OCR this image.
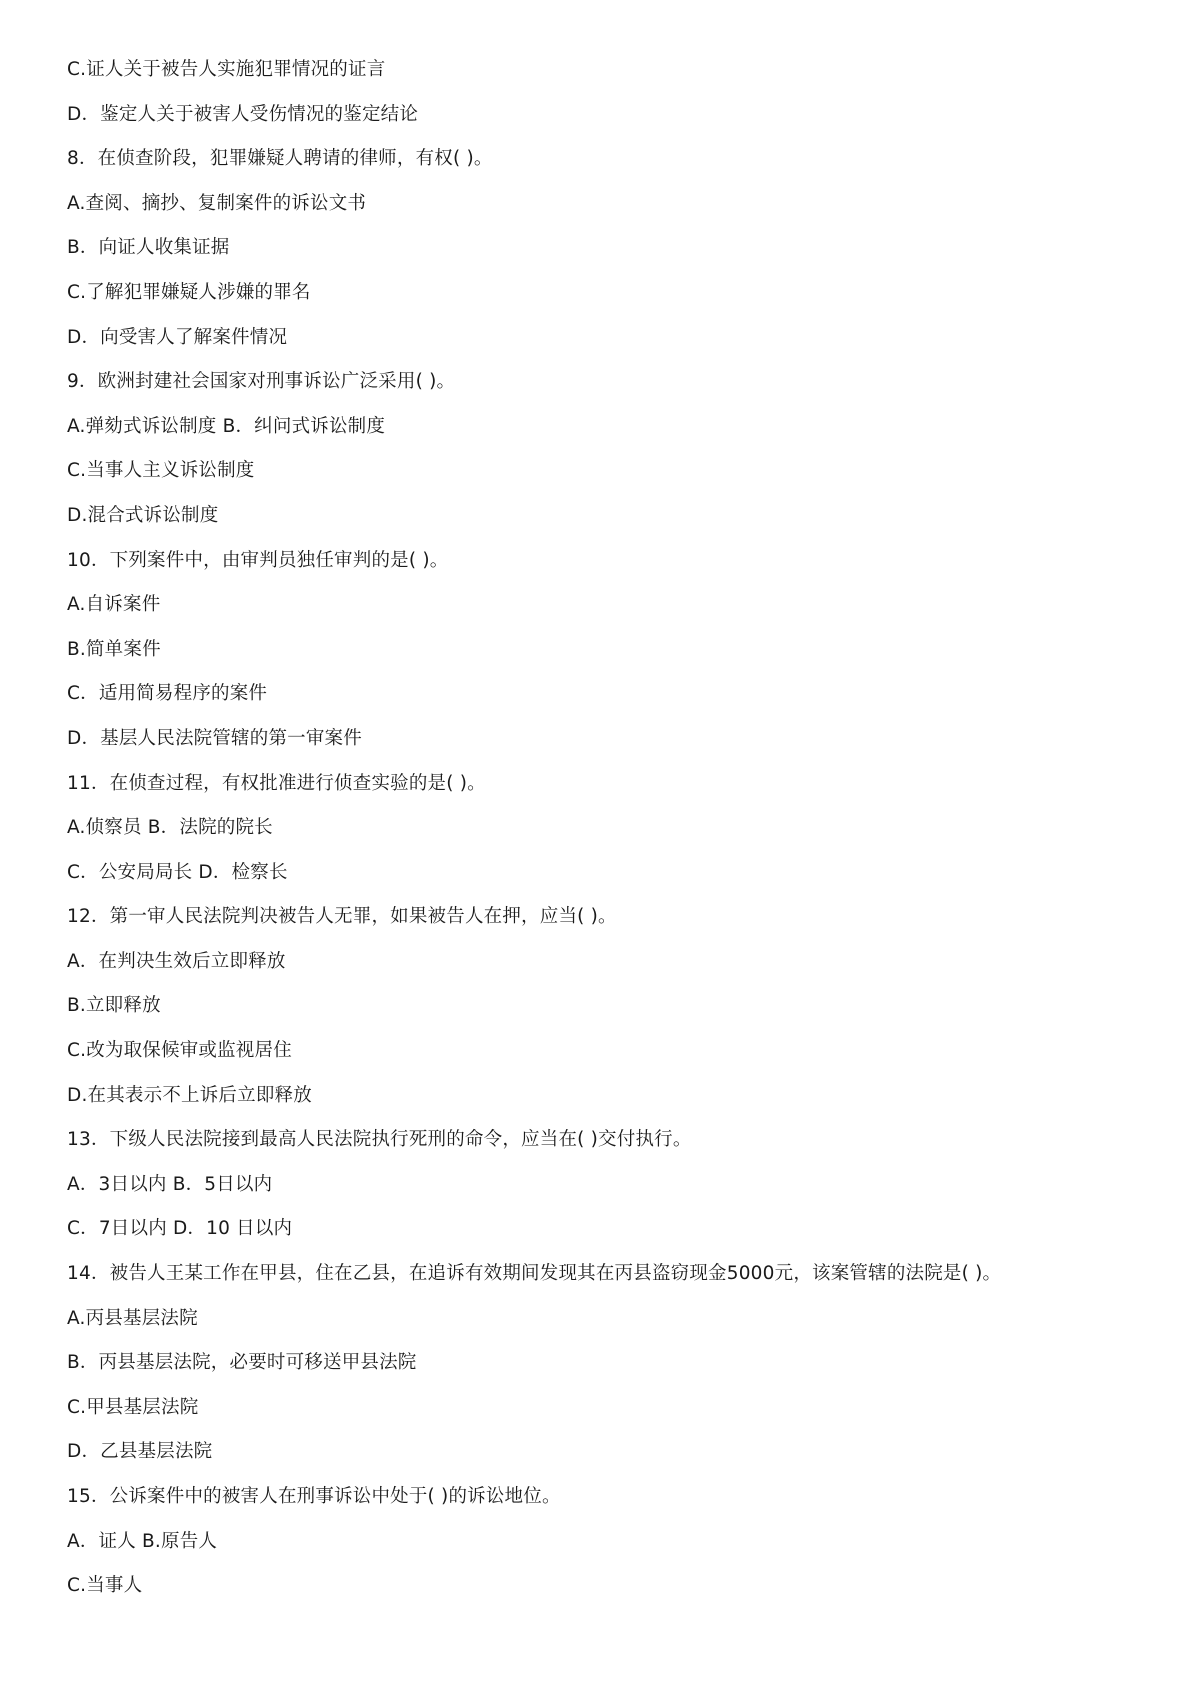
C.证人关于被告人实施犯罪情况的证言
D．鉴定人关于被害人受伤情况的鉴定结论
8．在侦查阶段，犯罪嫌疑人聘请的律师，有权( )。
A.查阅、摘抄、复制案件的诉讼文书
B．向证人收集证据
C.了解犯罪嫌疑人涉嫌的罪名
D．向受害人了解案件情况
9．欧洲封建社会国家对刑事诉讼广泛采用( )。
A.弹劾式诉讼制度 B．纠问式诉讼制度
C.当事人主义诉讼制度
D.混合式诉讼制度
10．下列案件中，由审判员独任审判的是( )。
A.自诉案件
B.简单案件
C．适用简易程序的案件
D．基层人民法院管辖的第一审案件
11．在侦查过程，有权批准进行侦查实验的是( )。
A.侦察员 B．法院的院长
C．公安局局长 D．检察长
12．第一审人民法院判决被告人无罪，如果被告人在押，应当( )。
A．在判决生效后立即释放
B.立即释放
C.改为取保候审或监视居住
D.在其表示不上诉后立即释放
13．下级人民法院接到最高人民法院执行死刑的命令，应当在( )交付执行。
A．3日以内 B．5日以内
C．7日以内 D．10 日以内
14．被告人王某工作在甲县，住在乙县，在追诉有效期间发现其在丙县盗窃现金5000元，该案管辖的法院是( )。
A.丙县基层法院
B．丙县基层法院，必要时可移送甲县法院
C.甲县基层法院
D．乙县基层法院
15．公诉案件中的被害人在刑事诉讼中处于( )的诉讼地位。
A．证人 B.原告人
C.当事人
